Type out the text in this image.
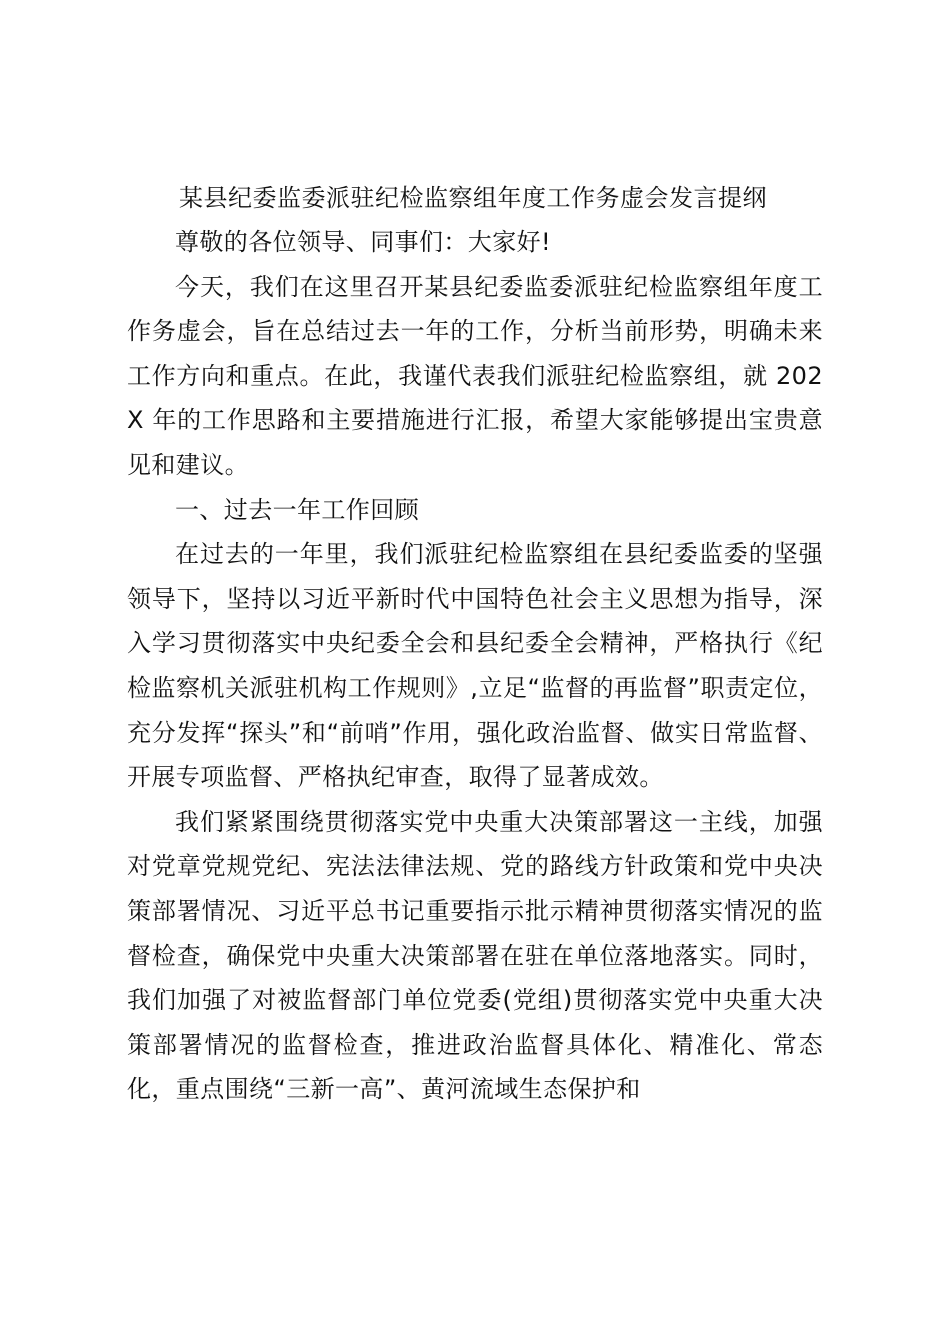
某县纪委监委派驻纪检监察组年度工作务虚会发言提纲

尊敬的各位领导、同事们：大家好!

今天，我们在这里召开某县纪委监委派驻纪检监察组年度工作务虚会，旨在总结过去一年的工作，分析当前形势，明确未来工作方向和重点。在此，我谨代表我们派驻纪检监察组，就 202X 年的工作思路和主要措施进行汇报，希望大家能够提出宝贵意见和建议。

一、过去一年工作回顾

在过去的一年里，我们派驻纪检监察组在县纪委监委的坚强领导下，坚持以习近平新时代中国特色社会主义思想为指导，深入学习贯彻落实中央纪委全会和县纪委全会精神，严格执行《纪检监察机关派驻机构工作规则》,立足“监督的再监督”职责定位，充分发挥“探头”和“前哨”作用，强化政治监督、做实日常监督、开展专项监督、严格执纪审查，取得了显著成效。

我们紧紧围绕贯彻落实党中央重大决策部署这一主线，加强对党章党规党纪、宪法法律法规、党的路线方针政策和党中央决策部署情况、习近平总书记重要指示批示精神贯彻落实情况的监督检查，确保党中央重大决策部署在驻在单位落地落实。同时，我们加强了对被监督部门单位党委(党组)贯彻落实党中央重大决策部署情况的监督检查，推进政治监督具体化、精准化、常态化，重点围绕“三新一高”、黄河流域生态保护和
